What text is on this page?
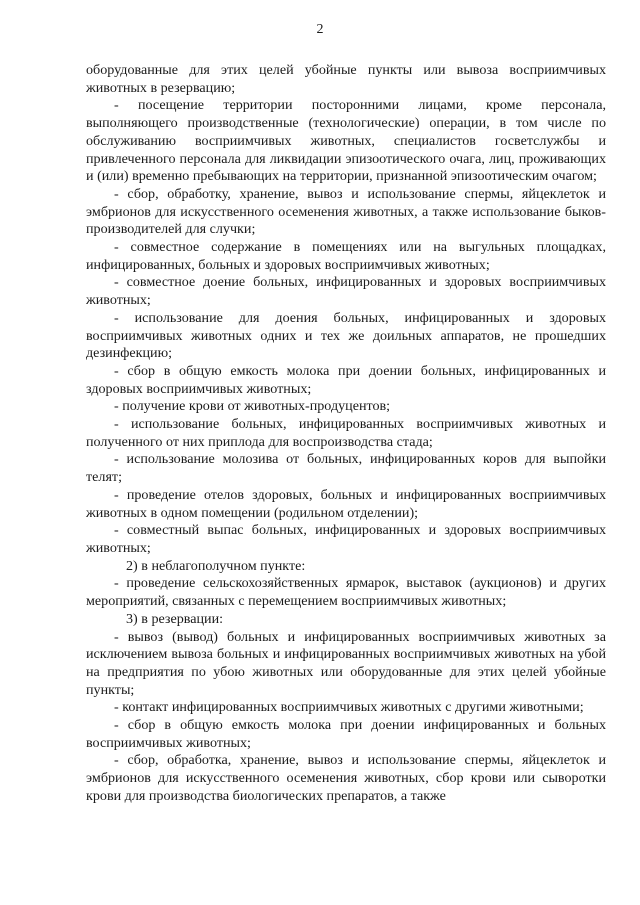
2

оборудованные для этих целей убойные пункты или вывоза восприимчивых животных в резервацию;

- посещение территории посторонними лицами, кроме персонала, выполняющего производственные (технологические) операции, в том числе по обслуживанию восприимчивых животных, специалистов госветслужбы и привлеченного персонала для ликвидации эпизоотического очага, лиц, проживающих и (или) временно пребывающих на территории, признанной эпизоотическим очагом;

- сбор, обработку, хранение, вывоз и использование спермы, яйцеклеток и эмбрионов для искусственного осеменения животных, а также использование быков-производителей для случки;

- совместное содержание в помещениях или на выгульных площадках, инфицированных, больных и здоровых восприимчивых животных;

- совместное доение больных, инфицированных и здоровых восприимчивых животных;

- использование для доения больных, инфицированных и здоровых восприимчивых животных одних и тех же доильных аппаратов, не прошедших дезинфекцию;

- сбор в общую емкость молока при доении больных, инфицированных и здоровых восприимчивых животных;

- получение крови от животных-продуцентов;

- использование больных, инфицированных восприимчивых животных и полученного от них приплода для воспроизводства стада;

- использование молозива от больных, инфицированных коров для выпойки телят;

- проведение отелов здоровых, больных и инфицированных восприимчивых животных в одном помещении (родильном отделении);

- совместный выпас больных, инфицированных и здоровых восприимчивых животных;

2) в неблагополучном пункте:

- проведение сельскохозяйственных ярмарок, выставок (аукционов) и других мероприятий, связанных с перемещением восприимчивых животных;

3) в резервации:

- вывоз (вывод) больных и инфицированных восприимчивых животных за исключением вывоза больных и инфицированных восприимчивых животных на убой на предприятия по убою животных или оборудованные для этих целей убойные пункты;

- контакт инфицированных восприимчивых животных с другими животными;

- сбор в общую емкость молока при доении инфицированных и больных восприимчивых животных;

- сбор, обработка, хранение, вывоз и использование спермы, яйцеклеток и эмбрионов для искусственного осеменения животных, сбор крови или сыворотки крови для производства биологических препаратов, а также
